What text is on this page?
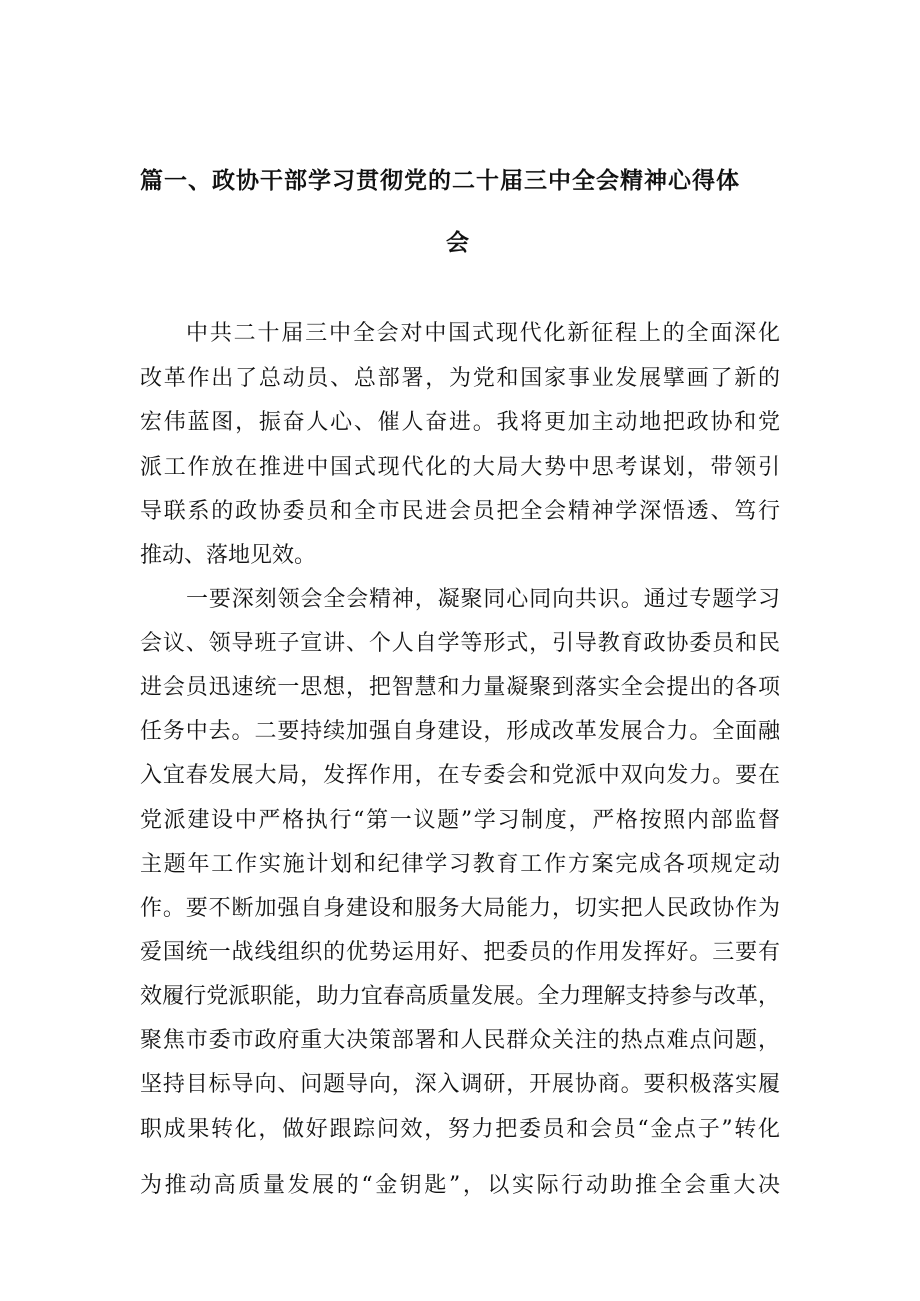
篇一、政协干部学习贯彻党的二十届三中全会精神心得体
会
中共二十届三中全会对中国式现代化新征程上的全面深化
改革作出了总动员、总部署，为党和国家事业发展擘画了新的
宏伟蓝图，振奋人心、催人奋进。我将更加主动地把政协和党
派工作放在推进中国式现代化的大局大势中思考谋划，带领引
导联系的政协委员和全市民进会员把全会精神学深悟透、笃行
推动、落地见效。
一要深刻领会全会精神，凝聚同心同向共识。通过专题学习
会议、领导班子宣讲、个人自学等形式，引导教育政协委员和民
进会员迅速统一思想，把智慧和力量凝聚到落实全会提出的各项
任务中去。二要持续加强自身建设，形成改革发展合力。全面融
入宜春发展大局，发挥作用，在专委会和党派中双向发力。要在
党派建设中严格执行“第一议题”学习制度，严格按照内部监督
主题年工作实施计划和纪律学习教育工作方案完成各项规定动
作。要不断加强自身建设和服务大局能力，切实把人民政协作为
爱国统一战线组织的优势运用好、把委员的作用发挥好。三要有
效履行党派职能，助力宜春高质量发展。全力理解支持参与改革，
聚焦市委市政府重大决策部署和人民群众关注的热点难点问题，
坚持目标导向、问题导向，深入调研，开展协商。要积极落实履
职成果转化，做好跟踪问效，努力把委员和会员“金点子”转化
为推动高质量发展的“金钥匙”，以实际行动助推全会重大决
